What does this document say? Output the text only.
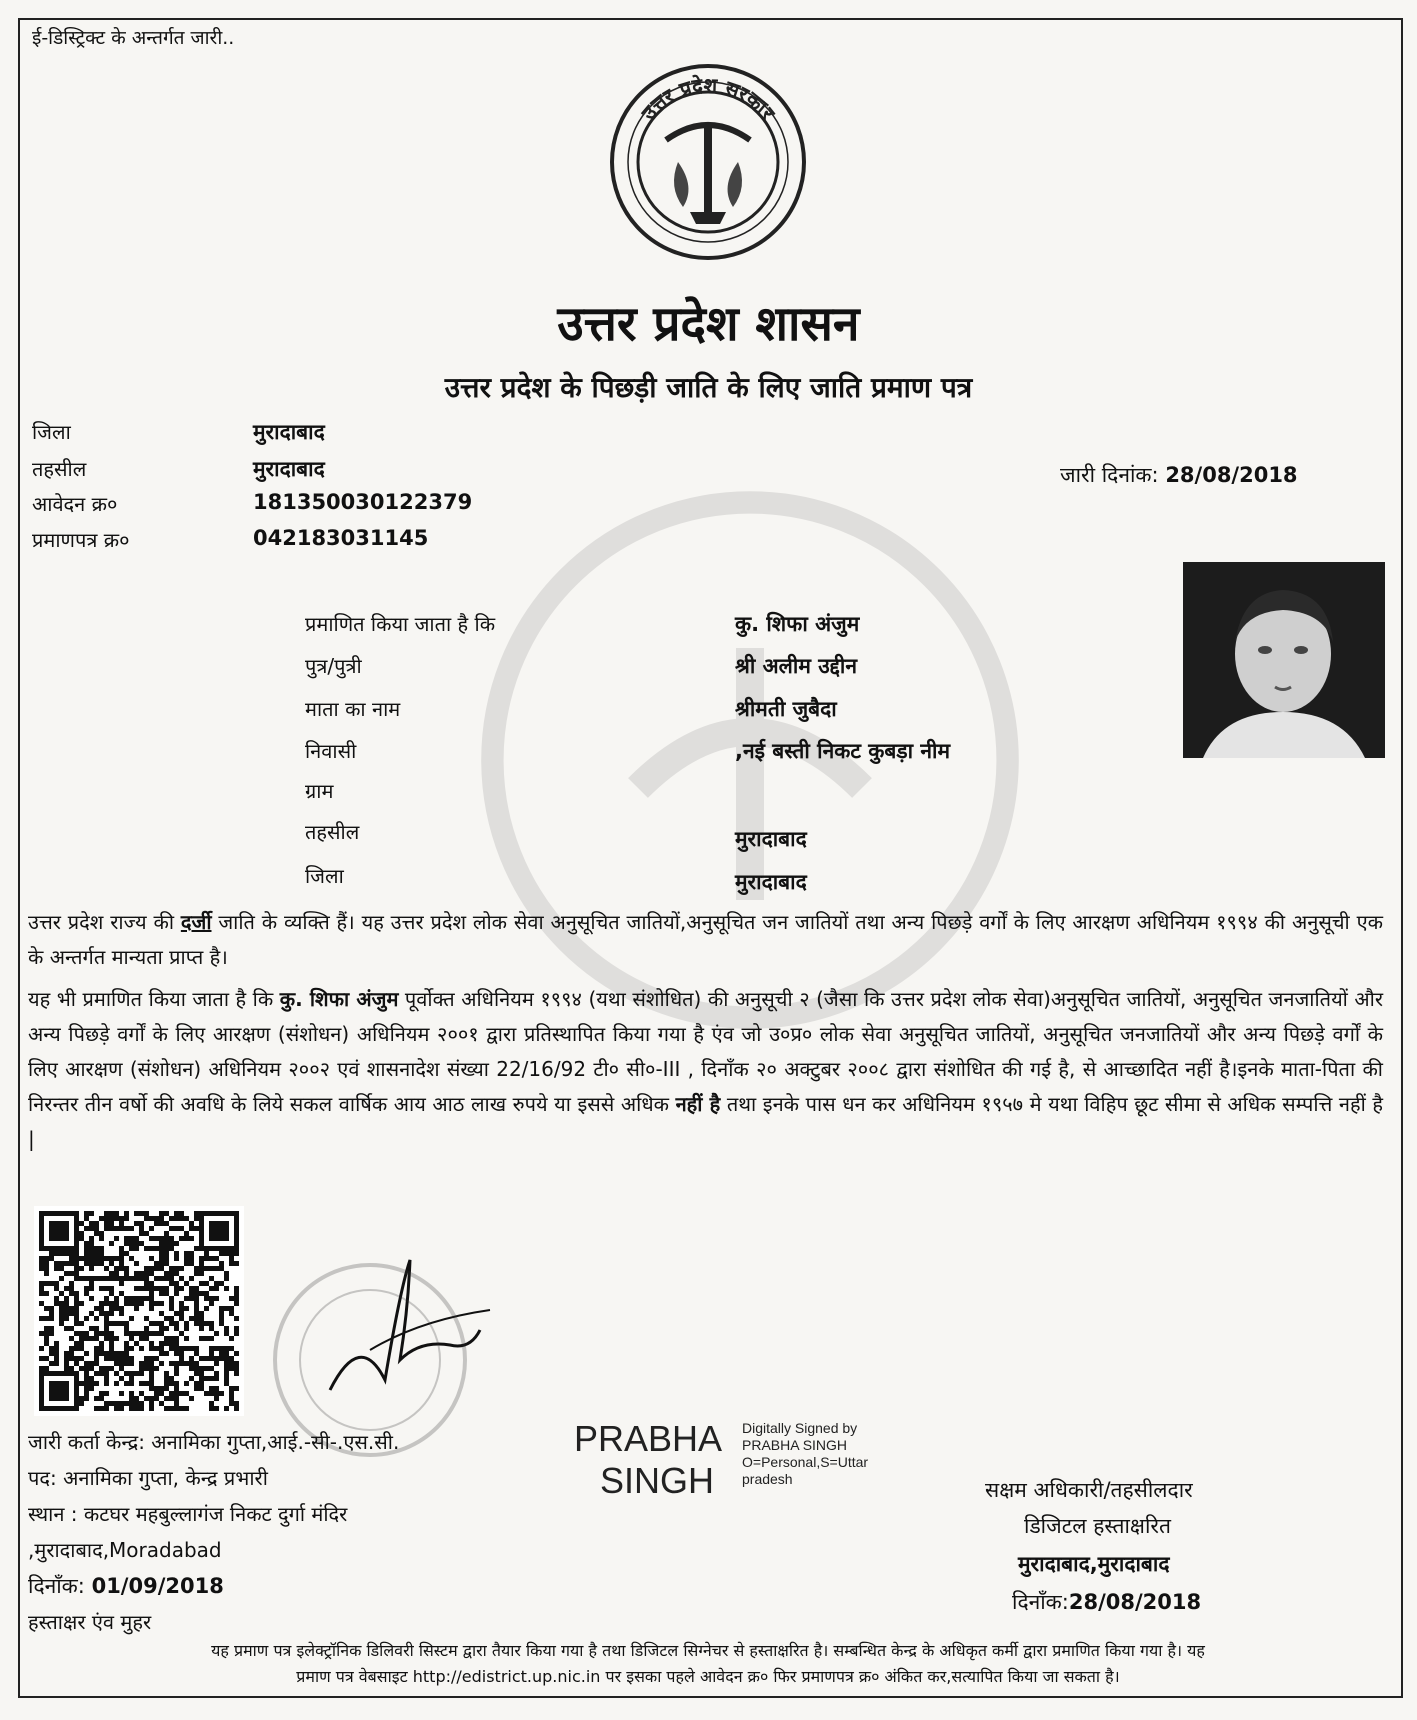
ई-डिस्ट्रिक्ट के अन्तर्गत जारी..
उत्तर प्रदेश सरकार
उत्तर प्रदेश शासन
उत्तर प्रदेश के पिछड़ी जाति के लिए जाति प्रमाण पत्र
जिला	मुरादाबाद
तहसील	मुरादाबाद
आवेदन क्र०	181350030122379
प्रमाणपत्र क्र०	042183031145
जारी दिनांक: 28/08/2018
प्रमाणित किया जाता है कि	कु. शिफा अंजुम
पुत्र/पुत्री	श्री अलीम उद्दीन
माता का नाम	श्रीमती जुबैदा
निवासी	,नई बस्ती निकट कुबड़ा नीम
ग्राम
तहसील	मुरादाबाद
जिला	मुरादाबाद
उत्तर प्रदेश राज्य की दर्जी जाति के व्यक्ति हैं। यह उत्तर प्रदेश लोक सेवा अनुसूचित जातियों,अनुसूचित जन जातियों तथा अन्य पिछड़े वर्गों के लिए आरक्षण अधिनियम १९९४ की अनुसूची एक के अन्तर्गत मान्यता प्राप्त है।
यह भी प्रमाणित किया जाता है कि कु. शिफा अंजुम पूर्वोक्त अधिनियम १९९४ (यथा संशोधित) की अनुसूची २ (जैसा कि उत्तर प्रदेश लोक सेवा)अनुसूचित जातियों, अनुसूचित जनजातियों और अन्य पिछड़े वर्गों के लिए आरक्षण (संशोधन) अधिनियम २००१ द्वारा प्रतिस्थापित किया गया है एंव जो उ०प्र० लोक सेवा अनुसूचित जातियों, अनुसूचित जनजातियों और अन्य पिछड़े वर्गों के लिए आरक्षण (संशोधन) अधिनियम २००२ एवं शासनादेश संख्या 22/16/92 टी० सी०-III , दिनाँक २० अक्टुबर २००८ द्वारा संशोधित की गई है, से आच्छादित नहीं है।इनके माता-पिता की निरन्तर तीन वर्षो की अवधि के लिये सकल वार्षिक आय आठ लाख रुपये या इससे अधिक नहीं है तथा इनके पास धन कर अधिनियम १९५७ मे यथा विहिप छूट सीमा से अधिक सम्पत्ति नहीं है |
जारी कर्ता केन्द्र: अनामिका गुप्ता,आई.-सी-.एस.सी.
पद: अनामिका गुप्ता, केन्द्र प्रभारी
स्थान : कटघर महबुल्लागंज निकट दुर्गा मंदिर
,मुरादाबाद,Moradabad
दिनाँक: 01/09/2018
हस्ताक्षर एंव मुहर
PRABHA
SINGH
Digitally Signed by PRABHA SINGH O=Personal,S=Uttar pradesh	सक्षम अधिकारी/तहसीलदार
डिजिटल हस्ताक्षरित
मुरादाबाद,मुरादाबाद
दिनाँक:28/08/2018
यह प्रमाण पत्र इलेक्ट्रॉनिक डिलिवरी सिस्टम द्वारा तैयार किया गया है तथा डिजिटल सिग्नेचर से हस्ताक्षरित है। सम्बन्धित केन्द्र के अधिकृत कर्मी द्वारा प्रमाणित किया गया है। यह
प्रमाण पत्र वेबसाइट http://edistrict.up.nic.in पर इसका पहले आवेदन क्र० फिर प्रमाणपत्र क्र० अंकित कर,सत्यापित किया जा सकता है।
